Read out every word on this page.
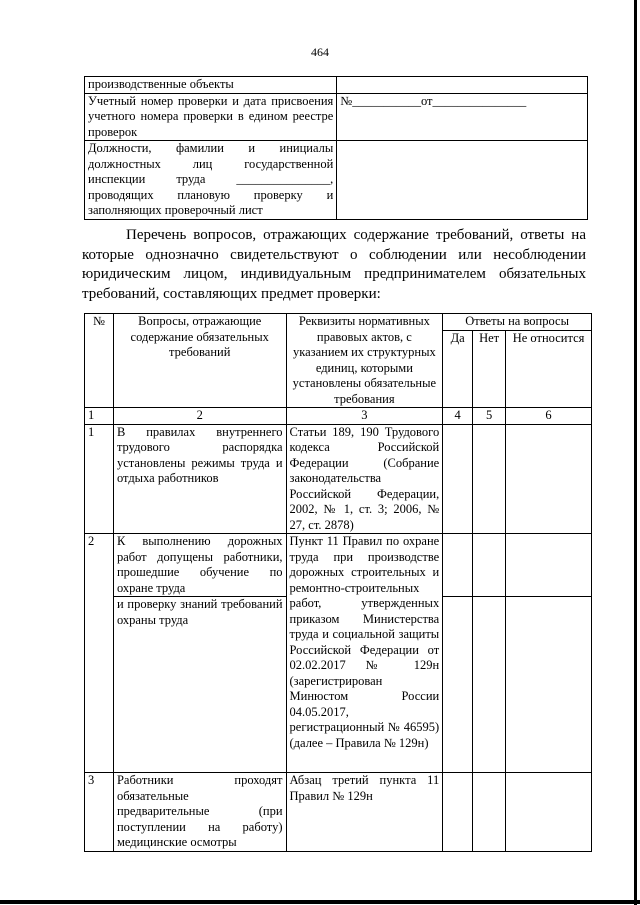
464
производственные объекты	
Учетный номер проверки и дата присвоения учетного номера проверки в едином реестре проверок	№___________от_______________

Должности, фамилии и инициалы
должностных лиц государственной
инспекции труда _______________,
проводящих плановую проверку и
заполняющих проверочный лист	

Перечень вопросов, отражающих содержание требований, ответы на которые однозначно свидетельствуют о соблюдении или несоблюдении юридическим лицом, индивидуальным предпринимателем обязательных требований, составляющих предмет проверки:
№	Вопросы, отражающие содержание обязательных требований	Реквизиты нормативных правовых актов, с указанием их структурных единиц, которыми установлены обязательные требования	Ответы на вопросы		
			Да	Нет	Не относится
1	2	3	4	5	6
1	В правилах внутреннего трудового распорядка установлены режимы труда и отдыха работников	Статьи 189, 190 Трудового кодекса Российской Федерации (Собрание законодательства Российской Федерации, 2002, № 1, ст. 3; 2006, № 27, ст. 2878)			
2	К выполнению дорожных работ допущены работники, прошедшие обучение по охране труда	Пункт 11 Правил по охране труда при производстве дорожных строительных и ремонтно-строительных работ, утвержденных приказом Министерства труда и социальной защиты Российской Федерации от 02.02.2017 № 129н (зарегистрирован Минюстом России 04.05.2017, регистрационный № 46595) (далее – Правила № 129н)			
	и проверку знаний требований охраны труда				
3	Работники проходят обязательные предварительные (при поступлении на работу) медицинские осмотры	Абзац третий пункта 11 Правил № 129н			
